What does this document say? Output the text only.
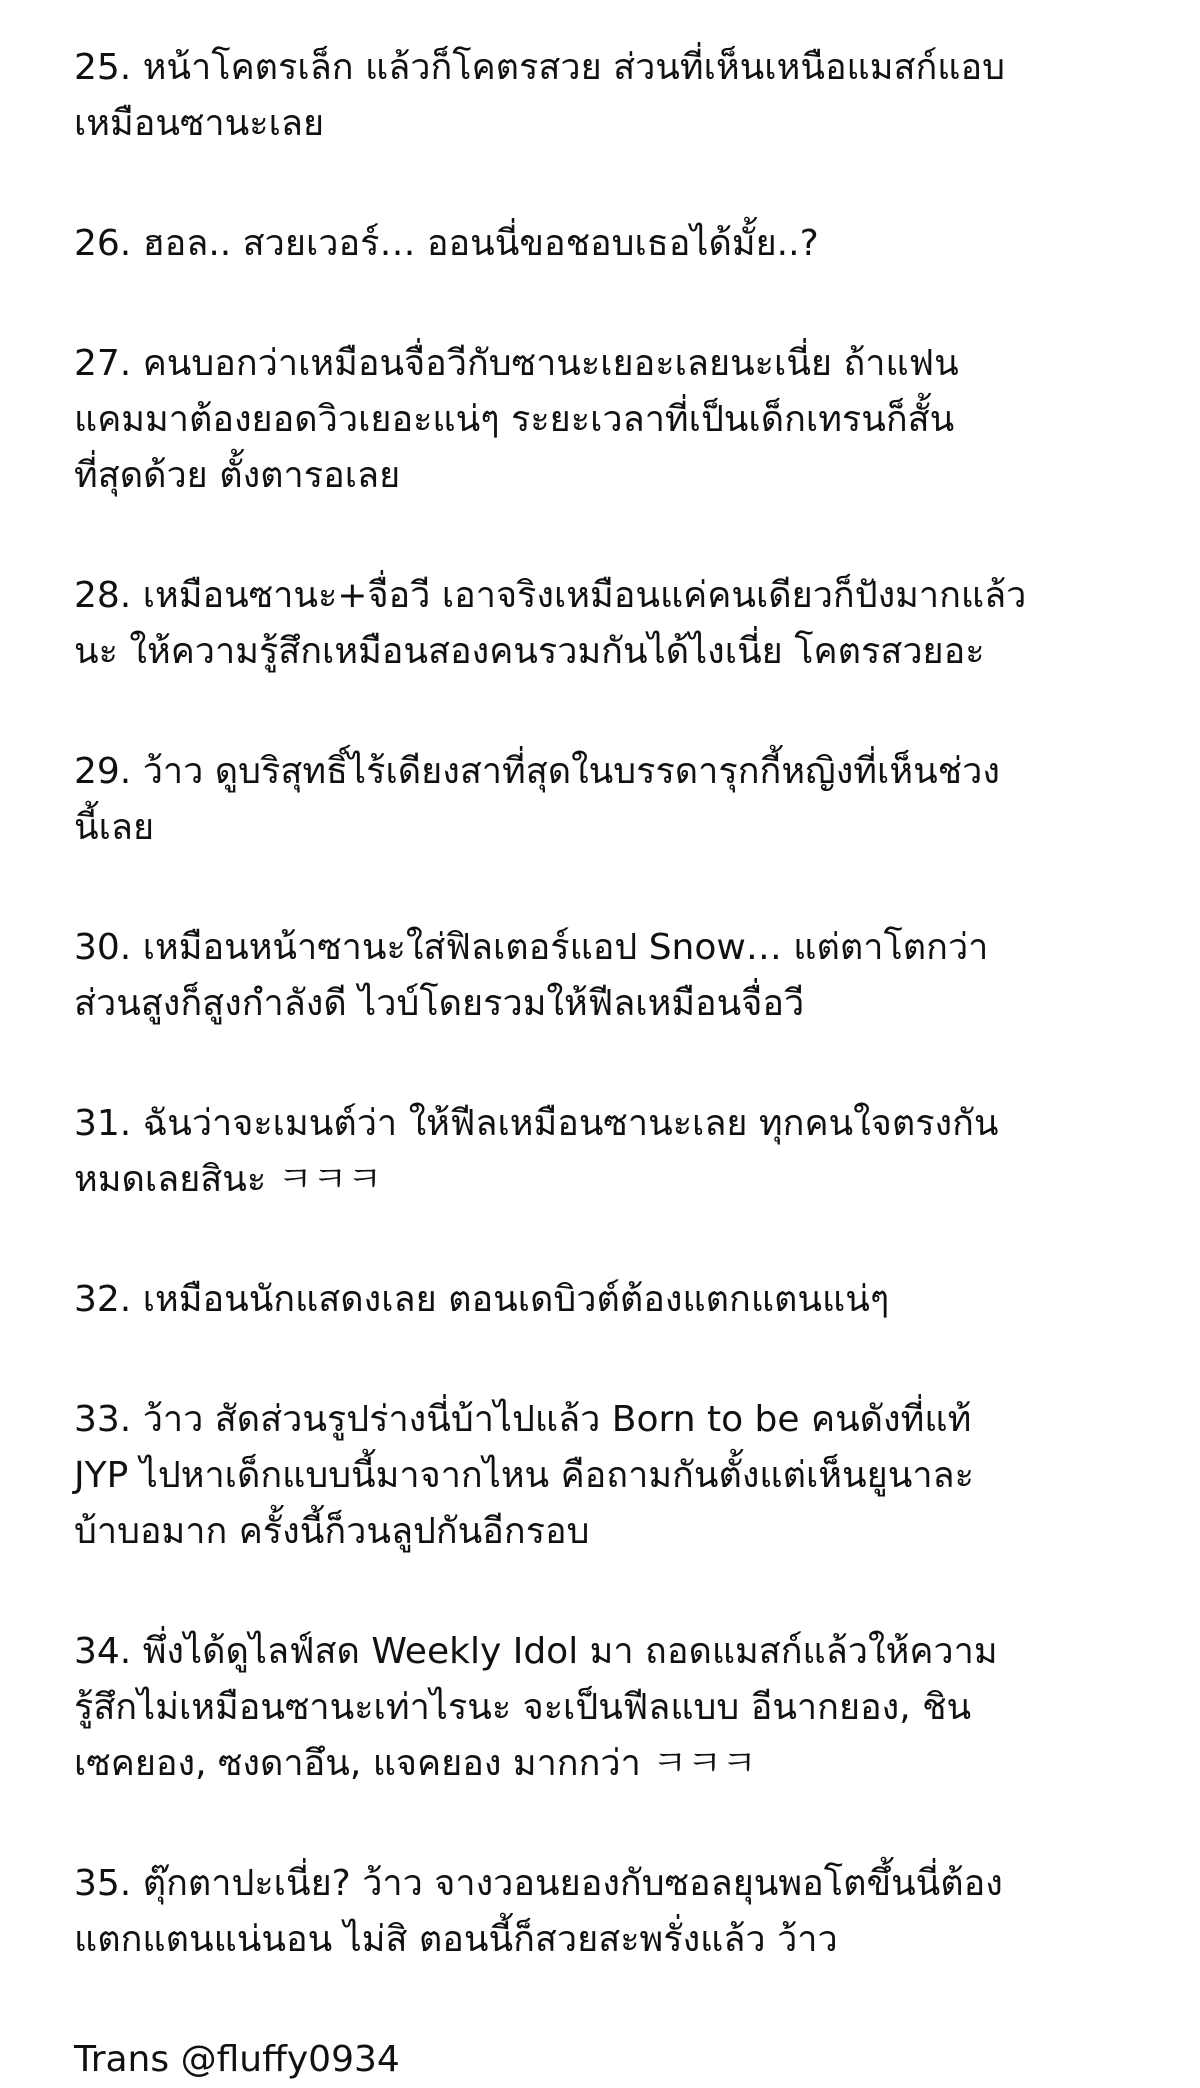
25. หน้าโคตรเล็ก แล้วก็โคตรสวย ส่วนที่เห็นเหนือแมสก์แอบ
เหมือนซานะเลย
26. ฮอล.. สวยเวอร์… ออนนี่ขอชอบเธอได้มั้ย..?
27. คนบอกว่าเหมือนจื่อวีกับซานะเยอะเลยนะเนี่ย ถ้าแฟน
แคมมาต้องยอดวิวเยอะแน่ๆ ระยะเวลาที่เป็นเด็กเทรนก็สั้น
ที่สุดด้วย ตั้งตารอเลย
28. เหมือนซานะ+จื่อวี เอาจริงเหมือนแค่คนเดียวก็ปังมากแล้ว
นะ ให้ความรู้สึกเหมือนสองคนรวมกันได้ไงเนี่ย โคตรสวยอะ
29. ว้าว ดูบริสุทธิ์ไร้เดียงสาที่สุดในบรรดารุกกี้หญิงที่เห็นช่วง
นี้เลย
30. เหมือนหน้าซานะใส่ฟิลเตอร์แอป Snow… แต่ตาโตกว่า
ส่วนสูงก็สูงกำลังดี ไวบ์โดยรวมให้ฟีลเหมือนจื่อวี
31. ฉันว่าจะเมนต์ว่า ให้ฟีลเหมือนซานะเลย ทุกคนใจตรงกัน
หมดเลยสินะ ㅋㅋㅋ
32. เหมือนนักแสดงเลย ตอนเดบิวต์ต้องแตกแตนแน่ๆ
33. ว้าว สัดส่วนรูปร่างนี่บ้าไปแล้ว Born to be คนดังที่แท้
JYP ไปหาเด็กแบบนี้มาจากไหน คือถามกันตั้งแต่เห็นยูนาละ
บ้าบอมาก ครั้งนี้ก็วนลูปกันอีกรอบ
34. พึ่งได้ดูไลฟ์สด Weekly Idol มา ถอดแมสก์แล้วให้ความ
รู้สึกไม่เหมือนซานะเท่าไรนะ จะเป็นฟีลแบบ อีนากยอง, ชิน
เซคยอง, ซงดาอึน, แจคยอง มากกว่า ㅋㅋㅋ
35. ตุ๊กตาปะเนี่ย? ว้าว จางวอนยองกับซอลยุนพอโตขึ้นนี่ต้อง
แตกแตนแน่นอน ไม่สิ ตอนนี้ก็สวยสะพรั่งแล้ว ว้าว
Trans @fluffy0934
